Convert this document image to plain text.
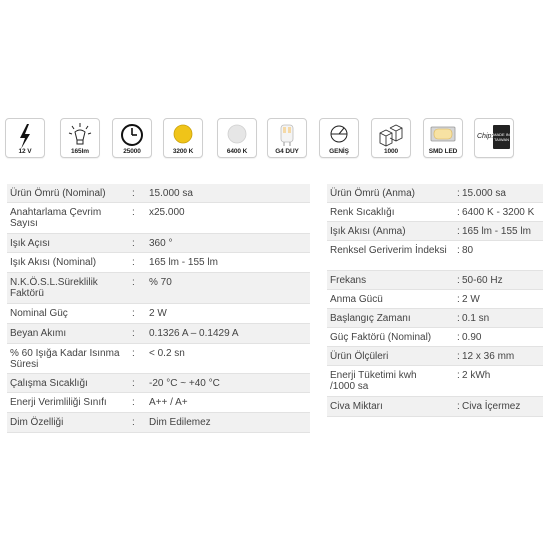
12 V	165lm	25000	3200 K	6400 K	G4 DUY	GENİŞ	1000	SMD LED
Chip: MADE IN
TAIWAN
Ürün Ömrü (Nominal)	: 15.000 sa
Anahtarlama Çevrim Sayısı
: x25.000
Işık Açısı	: 360 °
Işık Akısı (Nominal)	: 165 lm - 155 lm
N.K.Ö.S.L.Süreklilik Faktörü
: % 70
Nominal Güç	: 2 W
Beyan Akımı	: 0.1326 A – 0.1429 A
% 60 Işığa Kadar Isınma Süresi
: < 0.2 sn
Çalışma Sıcaklığı	: -20 °C ~ +40 °C
Enerji Verimliliği Sınıfı	: A++ / A+
Dim Özelliği	: Dim Edilemez
Ürün Ömrü (Anma)	: 15.000 sa
Renk Sıcaklığı	: 6400 K - 3200 K
Işık Akısı (Anma)	: 165 lm - 155 lm
Renksel Geriverim İndeksi	: 80
Frekans	: 50-60 Hz
Anma Gücü	: 2 W
Başlangıç Zamanı	: 0.1 sn
Güç Faktörü (Nominal)	: 0.90
Ürün Ölçüleri	: 12 x 36 mm
Enerji Tüketimi kwh /1000 sa
: 2 kWh
Civa Miktarı	: Civa İçermez
